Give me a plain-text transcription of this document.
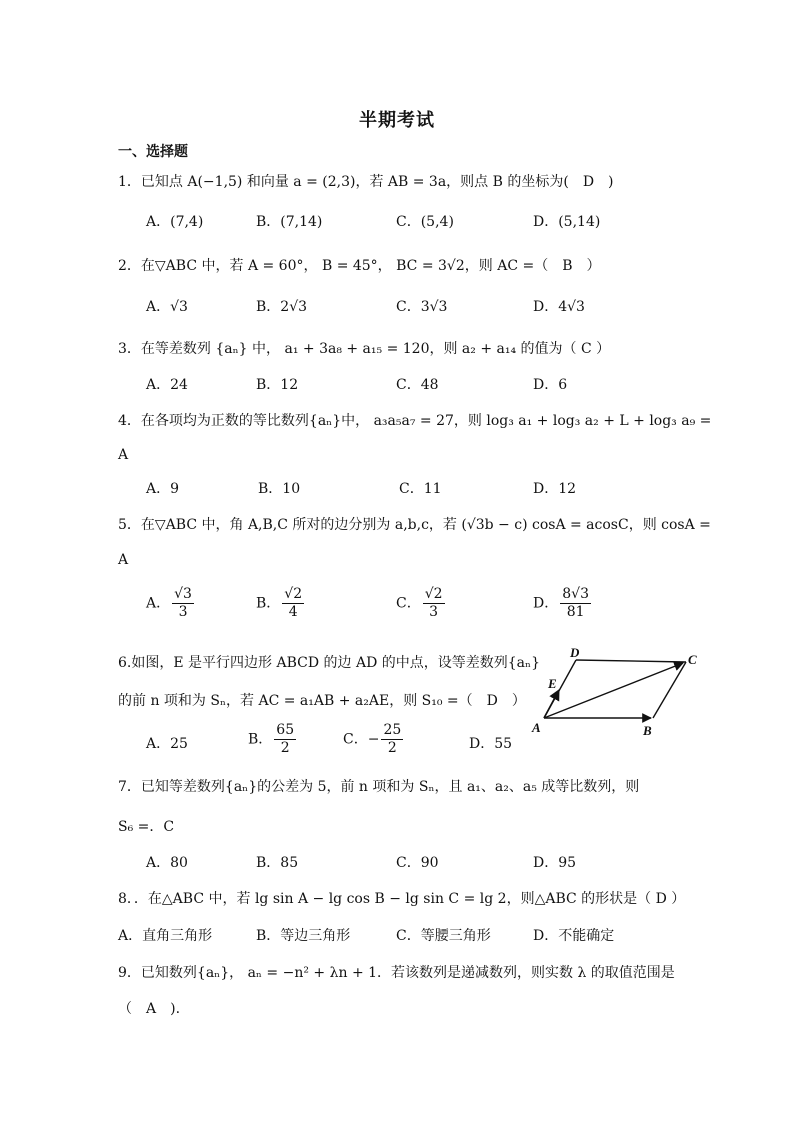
半期考试
一、选择题
1．已知点 A(−1,5) 和向量 a = (2,3)，若 AB = 3a，则点 B 的坐标为(　D　)
A．(7,4)	B．(7,14)	C．(5,4)	D．(5,14)
2．在▽ABC 中，若 A = 60°， B = 45°， BC = 3√2，则 AC =（　B　）
A．√3	B．2√3	C．3√3	D．4√3
3．在等差数列 {aₙ} 中， a₁ + 3a₈ + a₁₅ = 120，则 a₂ + a₁₄ 的值为（ C ）
A．24	B．12	C．48	D．6
4．在各项均为正数的等比数列{aₙ}中， a₃a₅a₇ = 27，则 log₃ a₁ + log₃ a₂ + L + log₃ a₉ =
A
A．9	B．10	C．11	D．12
5．在▽ABC 中，角 A,B,C 所对的边分别为 a,b,c，若 (√3b − c) cosA = acosC，则 cosA =
A
A． $\frac{√3}{3}$	B． $\frac{√2}{4}$	C． $\frac{√2}{3}$	D． $\frac{8√3}{81}$
6.如图，E 是平行四边形 ABCD 的边 AD 的中点，设等差数列{aₙ}
的前 n 项和为 Sₙ，若 AC = a₁AB + a₂AE，则 S₁₀ =（　D　）
A．25	B． $\frac{65}{2}$	C．− $\frac{25}{2}$	D．55
D	C
E
A	B
7．已知等差数列{aₙ}的公差为 5，前 n 项和为 Sₙ，且 a₁、a₂、a₅ 成等比数列，则
S₆ =．C
A．80	B．85	C．90	D．95
8．．在△ABC 中，若 lg sin A − lg cos B − lg sin C = lg 2，则△ABC 的形状是（ D ）
A．直角三角形	B．等边三角形	C．等腰三角形	D．不能确定
9．已知数列{aₙ}， aₙ = −n² + λn + 1．若该数列是递减数列，则实数 λ 的取值范围是
（　A　).
